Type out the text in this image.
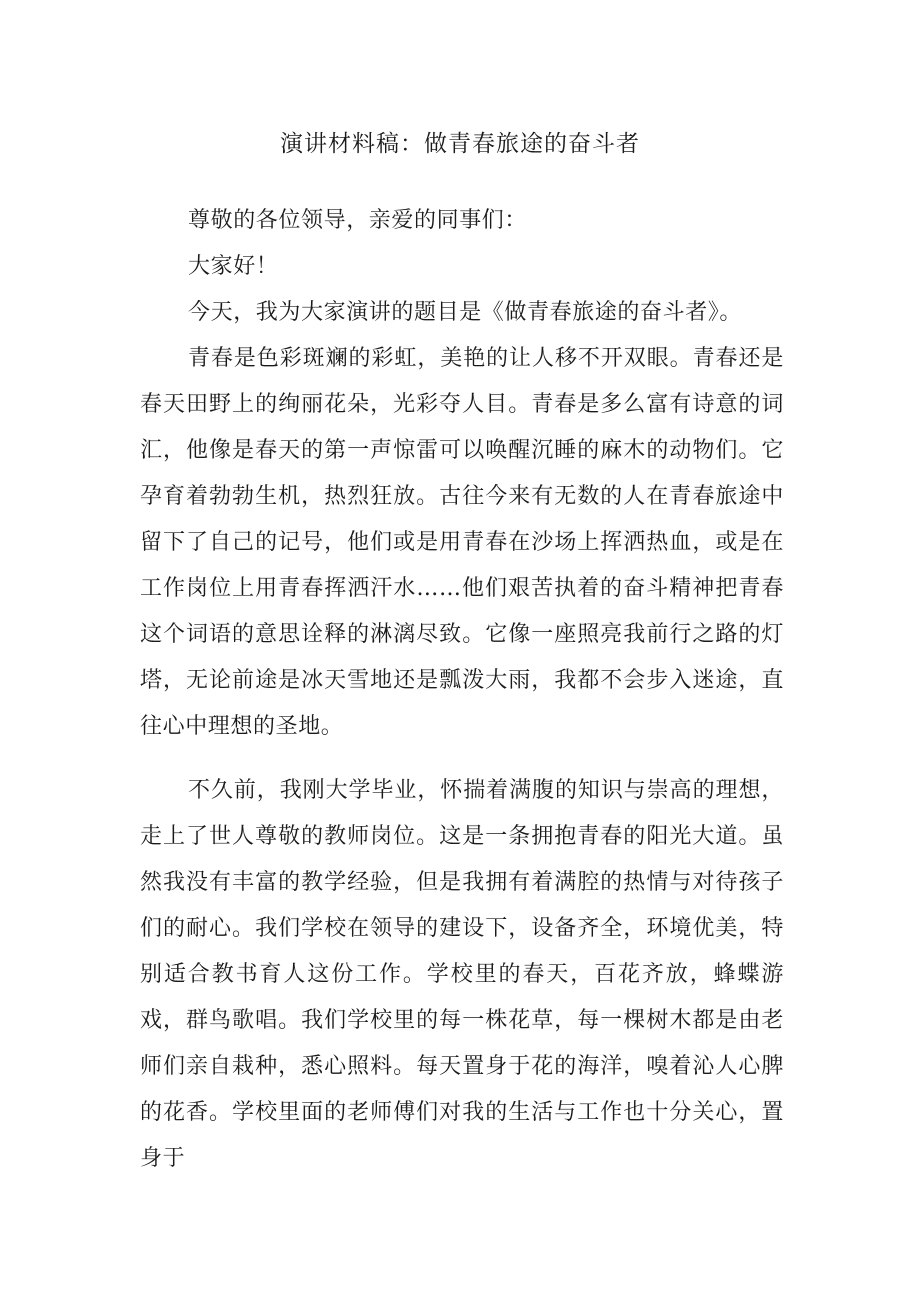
演讲材料稿：做青春旅途的奋斗者

尊敬的各位领导，亲爱的同事们：

大家好！

今天，我为大家演讲的题目是《做青春旅途的奋斗者》。

青春是色彩斑斓的彩虹，美艳的让人移不开双眼。青春还是春天田野上的绚丽花朵，光彩夺人目。青春是多么富有诗意的词汇，他像是春天的第一声惊雷可以唤醒沉睡的麻木的动物们。它孕育着勃勃生机，热烈狂放。古往今来有无数的人在青春旅途中留下了自己的记号，他们或是用青春在沙场上挥洒热血，或是在工作岗位上用青春挥洒汗水……他们艰苦执着的奋斗精神把青春这个词语的意思诠释的淋漓尽致。它像一座照亮我前行之路的灯塔，无论前途是冰天雪地还是瓢泼大雨，我都不会步入迷途，直往心中理想的圣地。

不久前，我刚大学毕业，怀揣着满腹的知识与崇高的理想，走上了世人尊敬的教师岗位。这是一条拥抱青春的阳光大道。虽然我没有丰富的教学经验，但是我拥有着满腔的热情与对待孩子们的耐心。我们学校在领导的建设下，设备齐全，环境优美，特别适合教书育人这份工作。学校里的春天，百花齐放，蜂蝶游戏，群鸟歌唱。我们学校里的每一株花草，每一棵树木都是由老师们亲自栽种，悉心照料。每天置身于花的海洋，嗅着沁人心脾的花香。学校里面的老师傅们对我的生活与工作也十分关心，置身于
